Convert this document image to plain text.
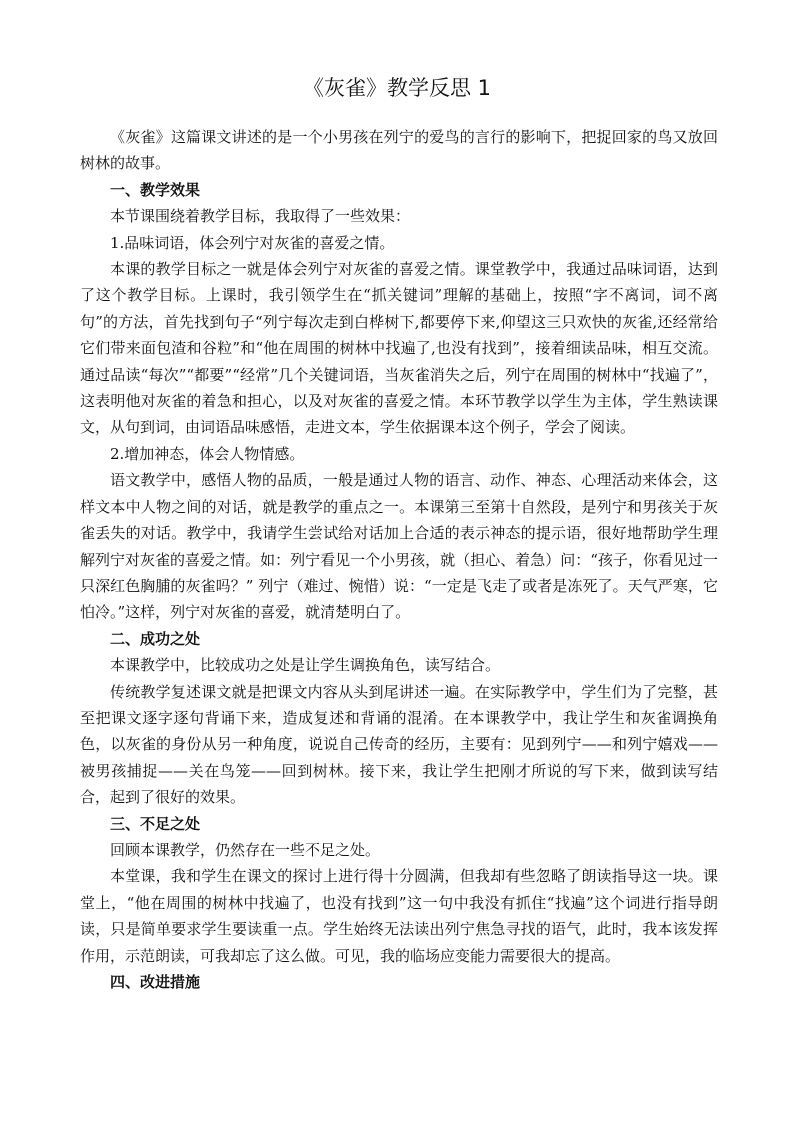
《灰雀》教学反思 1

《灰雀》这篇课文讲述的是一个小男孩在列宁的爱鸟的言行的影响下，把捉回家的鸟又放回树林的故事。

一、教学效果

本节课围绕着教学目标，我取得了一些效果：

1.品味词语，体会列宁对灰雀的喜爱之情。

本课的教学目标之一就是体会列宁对灰雀的喜爱之情。课堂教学中，我通过品味词语，达到了这个教学目标。上课时，我引领学生在“抓关键词”理解的基础上，按照“字不离词，词不离句”的方法，首先找到句子“列宁每次走到白桦树下,都要停下来,仰望这三只欢快的灰雀,还经常给它们带来面包渣和谷粒”和“他在周围的树林中找遍了,也没有找到”，接着细读品味，相互交流。通过品读“每次”“都要”“经常”几个关键词语，当灰雀消失之后，列宁在周围的树林中“找遍了”，这表明他对灰雀的着急和担心，以及对灰雀的喜爱之情。本环节教学以学生为主体，学生熟读课文，从句到词，由词语品味感悟，走进文本，学生依据课本这个例子，学会了阅读。

2.增加神态，体会人物情感。

语文教学中，感悟人物的品质，一般是通过人物的语言、动作、神态、心理活动来体会，这样文本中人物之间的对话，就是教学的重点之一。本课第三至第十自然段，是列宁和男孩关于灰雀丢失的对话。教学中，我请学生尝试给对话加上合适的表示神态的提示语，很好地帮助学生理解列宁对灰雀的喜爱之情。如：列宁看见一个小男孩，就（担心、着急）问：“孩子，你看见过一只深红色胸脯的灰雀吗？” 列宁（难过、惋惜）说：“一定是飞走了或者是冻死了。天气严寒，它怕冷。”这样，列宁对灰雀的喜爱，就清楚明白了。

二、成功之处

本课教学中，比较成功之处是让学生调换角色，读写结合。

传统教学复述课文就是把课文内容从头到尾讲述一遍。在实际教学中，学生们为了完整，甚至把课文逐字逐句背诵下来，造成复述和背诵的混淆。在本课教学中，我让学生和灰雀调换角色，以灰雀的身份从另一种角度，说说自己传奇的经历，主要有：见到列宁——和列宁嬉戏——被男孩捕捉——关在鸟笼——回到树林。接下来，我让学生把刚才所说的写下来，做到读写结合，起到了很好的效果。

三、不足之处

回顾本课教学，仍然存在一些不足之处。

本堂课，我和学生在课文的探讨上进行得十分圆满，但我却有些忽略了朗读指导这一块。课堂上，“他在周围的树林中找遍了，也没有找到”这一句中我没有抓住“找遍”这个词进行指导朗读，只是简单要求学生要读重一点。学生始终无法读出列宁焦急寻找的语气，此时，我本该发挥作用，示范朗读，可我却忘了这么做。可见，我的临场应变能力需要很大的提高。

四、改进措施
